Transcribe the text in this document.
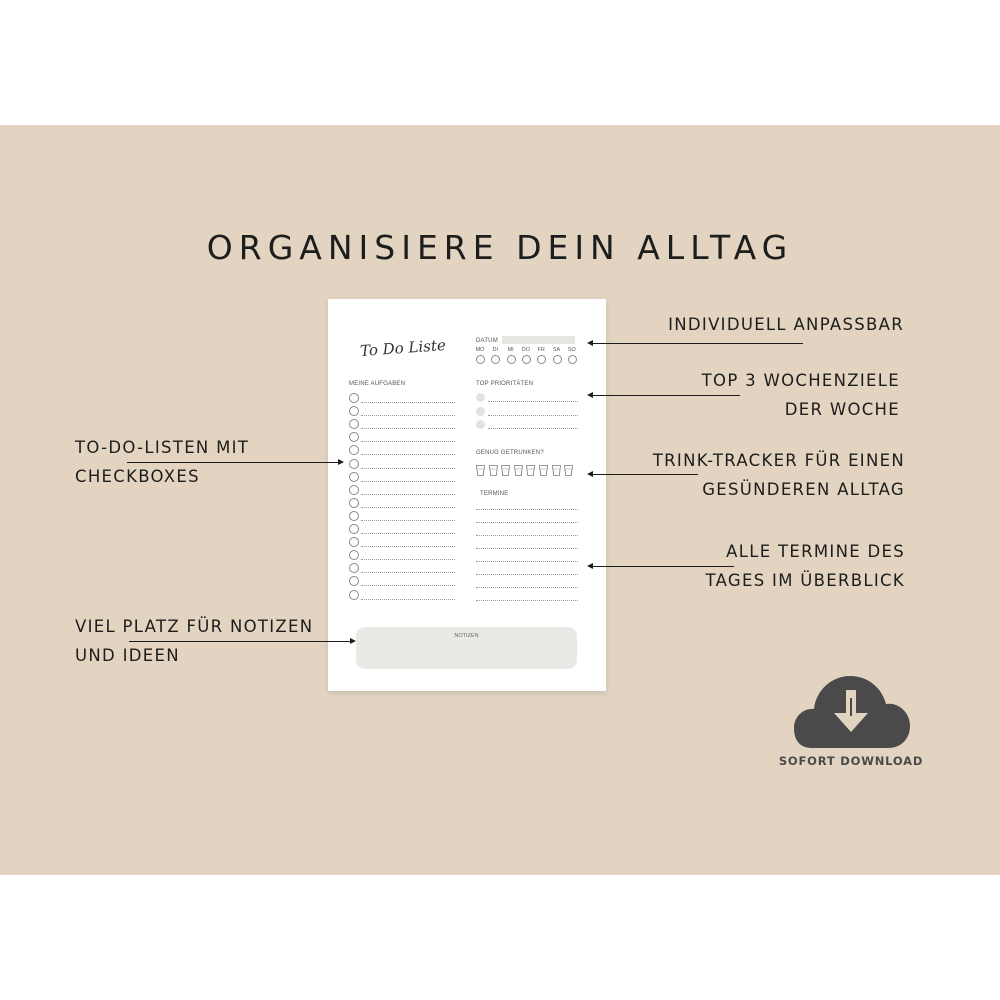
ORGANISIERE DEIN ALLTAG
To Do Liste	DATUM
MO	DI	MI	DO	FR	SA	SO
MEINE AUFGABEN	TOP PRIORITÄTEN
GENUG GETRUNKEN?
TERMINE
NOTIZEN
INDIVIDUELL ANPASSBAR
TOP 3 WOCHENZIELE
DER WOCHE
TRINK-TRACKER FÜR EINEN
GESÜNDEREN ALLTAG
ALLE TERMINE DES
TAGES IM ÜBERBLICK
TO-DO-LISTEN MIT
CHECKBOXES
VIEL PLATZ FÜR NOTIZEN
UND IDEEN
SOFORT DOWNLOAD
